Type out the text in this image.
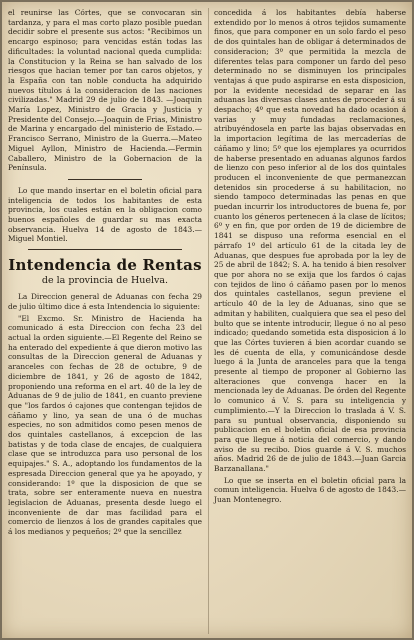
el reunirse las Córtes, que se convocaran sin tardanza, y para el mas corto plazo posible puedan decidir sobre el presente sus actos: "Recibimos un encargo espinoso; para vencidas están todas las dificultades: la voluntad nacional queda cumplida: la Constitucion y la Reina se han salvado de los riesgos que hacian temer por tan caros objetos, y la España con tan noble conducta ha adquirido nuevos títulos á la consideracion de las naciones civilizadas." Madrid 29 de julio de 1843. —Joaquin María Lopez, Ministro de Gracia y Justicia y Presidente del Consejo.—Joaquin de Frias, Ministro de Marina y encargado del ministerio de Estado.—Francisco Serrano, Ministro de la Guerra.—Mateo Miguel Ayllon, Ministro de Hacienda.—Fermin Caballero, Ministro de la Gobernacion de la Península.

Lo que mando insertar en el boletin oficial para inteligencia de todos los habitantes de esta provincia, los cuales están en la obligacion como buenos españoles de guardar su mas exacta observancia. Huelva 14 de agosto de 1843.—Miguel Montiel.

Intendencia de Rentas
de la provincia de Huelva.

La Direccion general de Aduanas con fecha 29 de julio último dice á esta Intendencia lo siguiente:

"El Excmo. Sr. Ministro de Hacienda ha comunicado á esta Direccion con fecha 23 del actual la orden siguiente.—El Regente del Reino se ha enterado del expediente á que dieron motivo las consultas de la Direccion general de Aduanas y aranceles con fechas de 28 de octubre, 9 de diciembre de 1841, y 26 de agosto de 1842, proponiendo una reforma en el art. 40 de la ley de Aduanas de 9 de julio de 1841, en cuanto previene que "los fardos ó cajones que contengan tejidos de cáñamo y lino, ya sean de una ó de muchas especies, no son admitidos como pesen menos de dos quintales castellanos, á excepcion de las batistas y de toda clase de encajes, de cualquiera clase que se introduzca para uso personal de los equipajes." S. A., adoptando los fundamentos de la espresada Direccion general que ya he apoyado, y considerando: 1º que la disposicion de que se trata, sobre ser enteramente nueva en nuestra legislacion de Aduanas, presenta desde luego el inconveniente de dar mas facilidad para el comercio de lienzos á los de grandes capitales que á los medianos y pequeños; 2º que la sencillez

concedida á los habitantes debía haberse extendido por lo menos á otros tejidos sumamente finos, que para componer en un solo fardo el peso de dos quintales han de obligar á determinados de consideracion; 3º que permitida la mezcla de diferentes telas para componer un fardo del peso determinado no se disminuyen los principales ventajas á que pudo aspirarse en esta disposicion, por la evidente necesidad de separar en las aduanas las diversas clases antes de proceder á su despacho; 4º que esta novedad ha dado ocasion á varias y muy fundadas reclamaciones, atribuyéndosela en parte las bajas observadas en la importacion legítima de las mercaderías de cáñamo y lino; 5º que los ejemplares ya ocurridos de haberse presentado en aduanas algunos fardos de lienzo con peso inferior al de los dos quintales producen el inconveniente de que permanezcan detenidos sin procederse á su habilitacion, no siendo tampoco determinadas las penas en que puedan incurrir los introductores de buena fe, por cuanto los géneros pertenecen á la clase de lícitos; 6º y en fin, que por orden de 19 de diciembre de 1841 se dispuso una reforma esencial en el párrafo 1º del artículo 61 de la citada ley de Aduanas, que despues fue aprobada por la ley de 25 de abril de 1842; S. A. ha tenido á bien resolver que por ahora no se exija que los fardos ó cajas con tejidos de lino ó cáñamo pasen por lo menos dos quintales castellanos, segun previene el artículo 40 de la ley de Aduanas, sino que se admitan y habiliten, cualquiera que sea el peso del bulto que se intente introducir, llegue ó no al peso indicado; quedando sometida esta disposicion á lo que las Córtes tuvieren á bien acordar cuando se les dé cuenta de ella, y comunicándose desde luego á la Junta de aranceles para que la tenga presente al tiempo de proponer al Gobierno las alteraciones que convenga hacer en la mencionada ley de Aduanas. De órden del Regente lo comunico á V. S. para su inteligencia y cumplimiento.—Y la Direccion lo traslada á V. S. para su puntual observancia, disponiendo su publicacion en el boletin oficial de esa provincia para que llegue á noticia del comercio, y dando aviso de su recibo. Dios guarde á V. S. muchos años. Madrid 26 de de julio de 1843.—Juan Garcia Barzanallana."

Lo que se inserta en el boletin oficial para la comun inteligencia. Huelva 6 de agosto de 1843.—Juan Montenegro.
